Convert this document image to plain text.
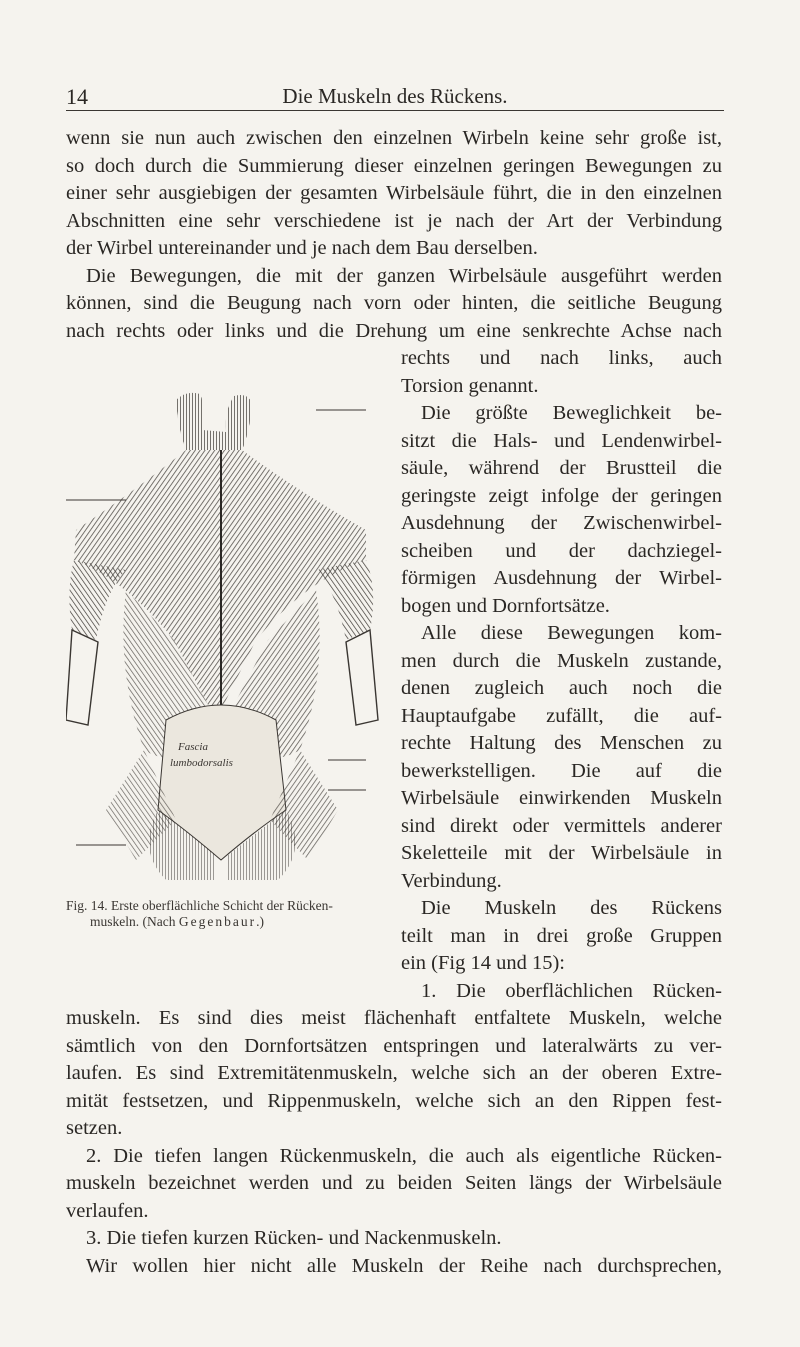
14	Die Muskeln des Rückens.
wenn sie nun auch zwischen den einzelnen Wirbeln keine sehr große ist,
so doch durch die Summierung dieser einzelnen geringen Bewegungen zu
einer sehr ausgiebigen der gesamten Wirbelsäule führt, die in den einzelnen
Abschnitten eine sehr verschiedene ist je nach der Art der Verbindung
der Wirbel untereinander und je nach dem Bau derselben.
Die Bewegungen, die mit der ganzen Wirbelsäule ausgeführt werden
können, sind die Beugung nach vorn oder hinten, die seitliche Beugung
nach rechts oder links und die Drehung um eine senkrechte Achse nach
rechts und nach links, auch
Torsion genannt.
Die größte Beweglichkeit be-
sitzt die Hals- und Lendenwirbel-
säule, während der Brustteil die
geringste zeigt infolge der geringen
Ausdehnung der Zwischenwirbel-
scheiben und der dachziegel-
förmigen Ausdehnung der Wirbel-
bogen und Dornfortsätze.
Alle diese Bewegungen kom-
men durch die Muskeln zustande,
denen zugleich auch noch die
Hauptaufgabe zufällt, die auf-
rechte Haltung des Menschen zu
bewerkstelligen. Die auf die
Wirbelsäule einwirkenden Muskeln
sind direkt oder vermittels anderer
Skeletteile mit der Wirbelsäule in
Verbindung.
Die Muskeln des Rückens
teilt man in drei große Gruppen
ein (Fig 14 und 15):
1. Die oberflächlichen Rücken-
Fascia
lumbodorsalis
Fig. 14. Erste oberflächliche Schicht der Rücken-
muskeln. (Nach Gegenbaur.)
muskeln. Es sind dies meist flächenhaft entfaltete Muskeln, welche
sämtlich von den Dornfortsätzen entspringen und lateralwärts zu ver-
laufen. Es sind Extremitätenmuskeln, welche sich an der oberen Extre-
mität festsetzen, und Rippenmuskeln, welche sich an den Rippen fest-
setzen.
2. Die tiefen langen Rückenmuskeln, die auch als eigentliche Rücken-
muskeln bezeichnet werden und zu beiden Seiten längs der Wirbelsäule
verlaufen.
3. Die tiefen kurzen Rücken- und Nackenmuskeln.
Wir wollen hier nicht alle Muskeln der Reihe nach durchsprechen,
